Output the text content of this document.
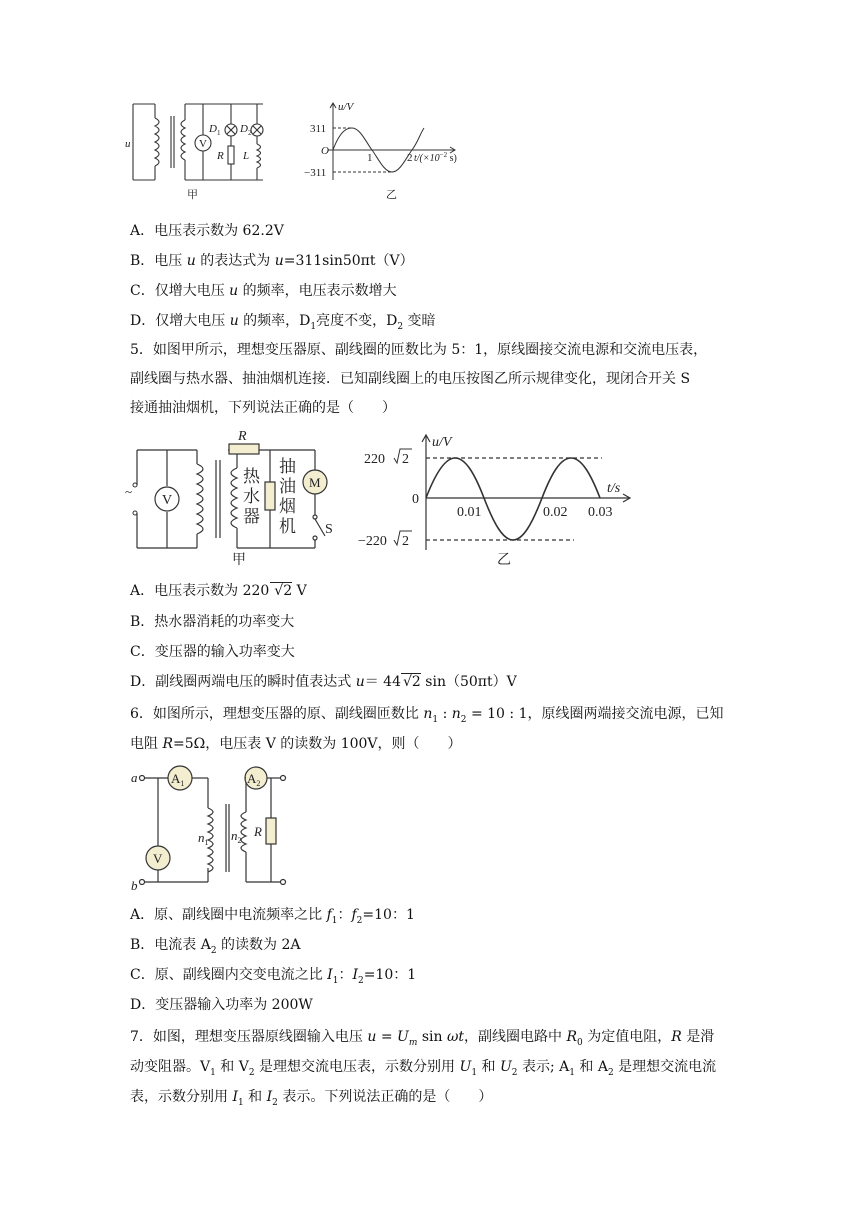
u	V
D 1 D 2
R L
甲
u/V
311
−311
O
1	2 $t/(\times 10^{-2}$ s)
乙
A．电压表示数为 62.2V
B．电压 u 的表达式为 u=311sin50πt（V）
C．仅增大电压 u 的频率，电压表示数增大
D．仅增大电压 u 的频率，$D_1$亮度不变，$D_2$ 变暗
5．如图甲所示，理想变压器原、副线圈的匝数比为 5：1，原线圈接交流电源和交流电压表，
副线圈与热水器、抽油烟机连接．已知副线圈上的电压按图乙所示规律变化，现闭合开关 S
接通抽油烟机，下列说法正确的是（　　）
~
V
R
M
S
热
水
器
抽
油
烟
机
甲
u/V
220 2
−220 2
0
0.01	0.02 0.03
t/s
乙
A．电压表示数为 220 √2 V
B．热水器消耗的功率变大
C．变压器的输入功率变大
D．副线圈两端电压的瞬时值表达式 u＝ 44 √2 sin（50πt）V
6．如图所示，理想变压器的原、副线圈匝数比 $n_1$ : $n_2 = 10$ : 1，原线圈两端接交流电源，已知
电阻 R=5Ω，电压表 V 的读数为 100V，则（　　）
a
b
$A_1$	$A_2$
V
$n_1$ $n_2$
R
A．原、副线圈中电流频率之比 $f_1$：$f_2=10$：1
B．电流表 $A_2$ 的读数为 2A
C．原、副线圈内交变电流之比 $I_1$：$I_2=10$：1
D．变压器输入功率为 200W
7．如图，理想变压器原线圈输入电压 $u = U_m$ sin ωt，副线圈电路中 $R_0$ 为定值电阻，R 是滑
动变阻器。$V_1$ 和 $V_2$ 是理想交流电压表，示数分别用 $U_1$ 和 $U_2$ 表示; $A_1$ 和 $A_2$ 是理想交流电流
表，示数分别用 $I_1$ 和 $I_2$ 表示。下列说法正确的是（　　）
